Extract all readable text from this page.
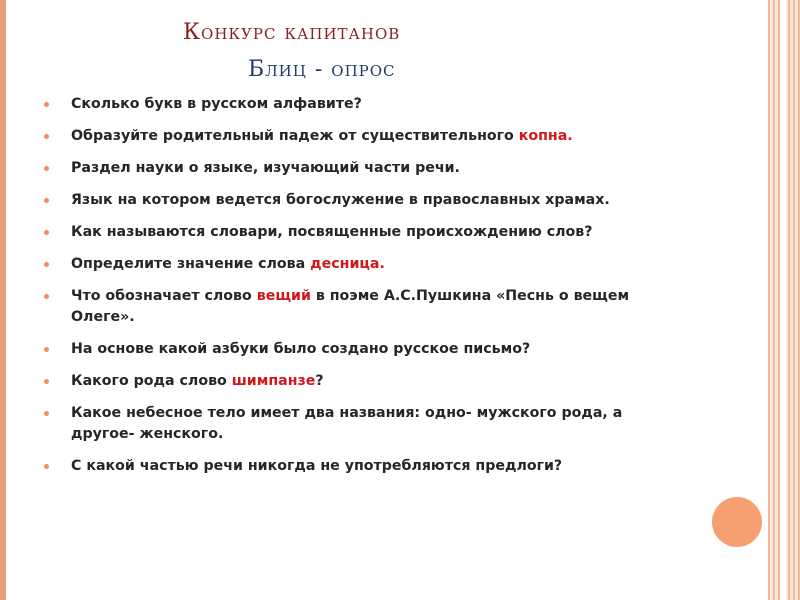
Конкурс капитанов
Блиц - опрос
Сколько букв в русском алфавите?
Образуйте родительный падеж от существительного копна.
Раздел науки о языке, изучающий части речи.
Язык на котором ведется богослужение в православных храмах.
Как называются словари, посвященные происхождению слов?
Определите значение слова десница.
Что обозначает слово вещий в поэме А.С.Пушкина «Песнь о вещем Олеге».
На основе какой азбуки было создано русское письмо?
Какого рода слово шимпанзе?
Какое небесное тело имеет два названия: одно- мужского рода, а другое- женского.
С какой частью речи никогда не употребляются предлоги?
